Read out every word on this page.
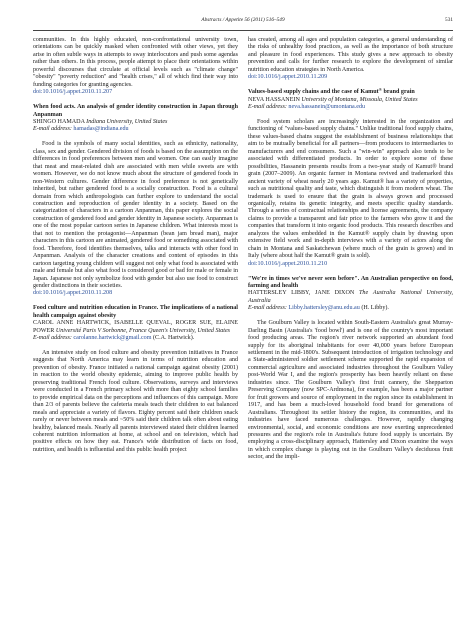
Abstracts / Appetite 56 (2011) 516–549	531

communities. In this highly educated, non-confrontational university town, orientations can be quickly masked when confronted with other views, yet they arise in often subtle ways in attempts to sway interlocutors and push some agendas rather than others. In this process, people attempt to place their orientations within powerful discourses that circulate at official levels such as "climate change" "obesity" "poverty reduction" and "health crises," all of which find their way into funding categories for granting agencies.

doi:10.1016/j.appet.2010.11.207

When food acts. An analysis of gender identity construction in Japan through Anpanman

SHINGO HAMADA Indiana University, United States

E-mail address: hamadas@indiana.edu

Food is the symbols of many social identities, such as ethnicity, nationality, class, sex and gender. Gendered division of foods is based on the assumption on the differences in food preferences between men and women. One can easily imagine that meat and meat-related dish are associated with men while sweets are with women. However, we do not know much about the structure of gendered foods in non-Western cultures. Gender difference in food preference is not genetically inherited, but rather gendered food is a socially construction. Food is a cultural domain from which anthropologists can further explore to understand the social construction and reproduction of gender identity in a society. Based on the categorization of characters in a cartoon Anpanman, this paper explores the social construction of gendered food and gender identity in Japanese society. Anpanman is one of the most popular cartoon series in Japanese children. What interests most is that not to mention the protagonist—Anpanman (bean jam bread man), major characters in this cartoon are animated, gendered food or something associated with food. Therefore, food identifies themselves, talks and interacts with other food in Anpanman. Analysis of the character creations and content of episodes in this cartoon targeting young children will suggest not only what food is associated with male and female but also what food is considered good or bad for male or female in Japan. Japanese not only symbolize food with gender but also use food to construct gender distinctions in their societies.

doi:10.1016/j.appet.2010.11.208

Food culture and nutrition education in France. The implications of a national health campaign against obesity

CAROL ANNE HARTWICK, ISABELLE QUEVAL, ROGER SUE, ELAINE POWER Université Paris V Sorbonne, France Queen's University, United States

E-mail address: carolanne.hartwick@gmail.com (C.A. Hartwick).

An intensive study on food culture and obesity prevention initiatives in France suggests that North America may learn in terms of nutrition education and prevention of obesity. France initiated a national campaign against obesity (2001) in reaction to the world obesity epidemic, aiming to improve public health by preserving traditional French food culture. Observations, surveys and interviews were conducted in a French primary school with more than eighty school families to provide empirical data on the perceptions and influences of this campaign. More than 2/3 of parents believe the cafeteria meals teach their children to eat balanced meals and appreciate a variety of flavors. Eighty percent said their children snack rarely or never between meals and ~50% said their children talk often about eating healthy, balanced meals. Nearly all parents interviewed stated their children learned coherent nutrition information at home, at school and on television, which had positive effects on how they eat. France's wide distribution of facts on food, nutrition, and health is influential and this public health project

has created, among all ages and population categories, a general understanding of the risks of unhealthy food practices, as well as the importance of both structure and pleasure in food experiences. This study gives a new approach to obesity prevention and calls for further research to explore the development of similar nutrition education strategies in North America.

doi:10.1016/j.appet.2010.11.209

Values-based supply chains and the case of Kamut® brand grain

NEVA HASSANEIN University of Montana, Missoula, United States

E-mail address: neva.hassanein@umontana.edu

Food system scholars are increasingly interested in the organization and functioning of "values-based supply chains." Unlike traditional food supply chains, these values-based chains suggest the establishment of business relationships that aim to be mutually beneficial for all partners—from producers to intermediaries to manufacturers and end consumers. Such a "win-win" approach also tends to be associated with differentiated products. In order to explore some of these possibilities, Hassanein presents results from a two-year study of Kamut® brand grain (2007–2009). An organic farmer in Montana revived and trademarked this ancient variety of wheat nearly 20 years ago. Kamut® has a variety of properties, such as nutritional quality and taste, which distinguish it from modern wheat. The trademark is used to ensure that the grain is always grown and processed organically, retains its genetic integrity, and meets specific quality standards. Through a series of contractual relationships and license agreements, the company claims to provide a transparent and fair price to the farmers who grow it and the companies that transform it into organic food products. This research describes and analyzes the values embedded in the Kamut® supply chain by drawing upon extensive field work and in-depth interviews with a variety of actors along the chain in Montana and Saskatchewan (where much of the grain is grown) and in Italy (where about half the Kamut® grain is sold).

doi:10.1016/j.appet.2010.11.210

"We're in times we've never seen before". An Australian perspective on food, farming and health

HATTERSLEY LIBBY, JANE DIXON The Australia National University, Australia

E-mail address: Libby.hattersley@anu.edu.au (H. Libby).

The Goulburn Valley is located within South-Eastern Australia's great Murray-Darling Basin (Australia's 'food bowl') and is one of the country's most important food producing areas. The region's river network supported an abundant food supply for its aboriginal inhabitants for over 40,000 years before European settlement in the mid-1800's. Subsequent introduction of irrigation technology and a State-administered soldier settlement scheme supported the rapid expansion of commercial agriculture and associated industries throughout the Goulburn Valley post-World War I, and the region's prosperity has been heavily reliant on these industries since. The Goulburn Valley's first fruit cannery, the Shepparton Preserving Company (now SPC-Ardmona), for example, has been a major partner for fruit growers and source of employment in the region since its establishment in 1917, and has been a much-loved household food brand for generations of Australians. Throughout its settler history the region, its communities, and its industries have faced numerous challenges. However, rapidly changing environmental, social, and economic conditions are now exerting unprecedented pressures and the region's role in Australia's future food supply is uncertain. By employing a cross-disciplinary approach, Hattersley and Dixon examine the ways in which complex change is playing out in the Goulburn Valley's deciduous fruit sector, and the impli-
